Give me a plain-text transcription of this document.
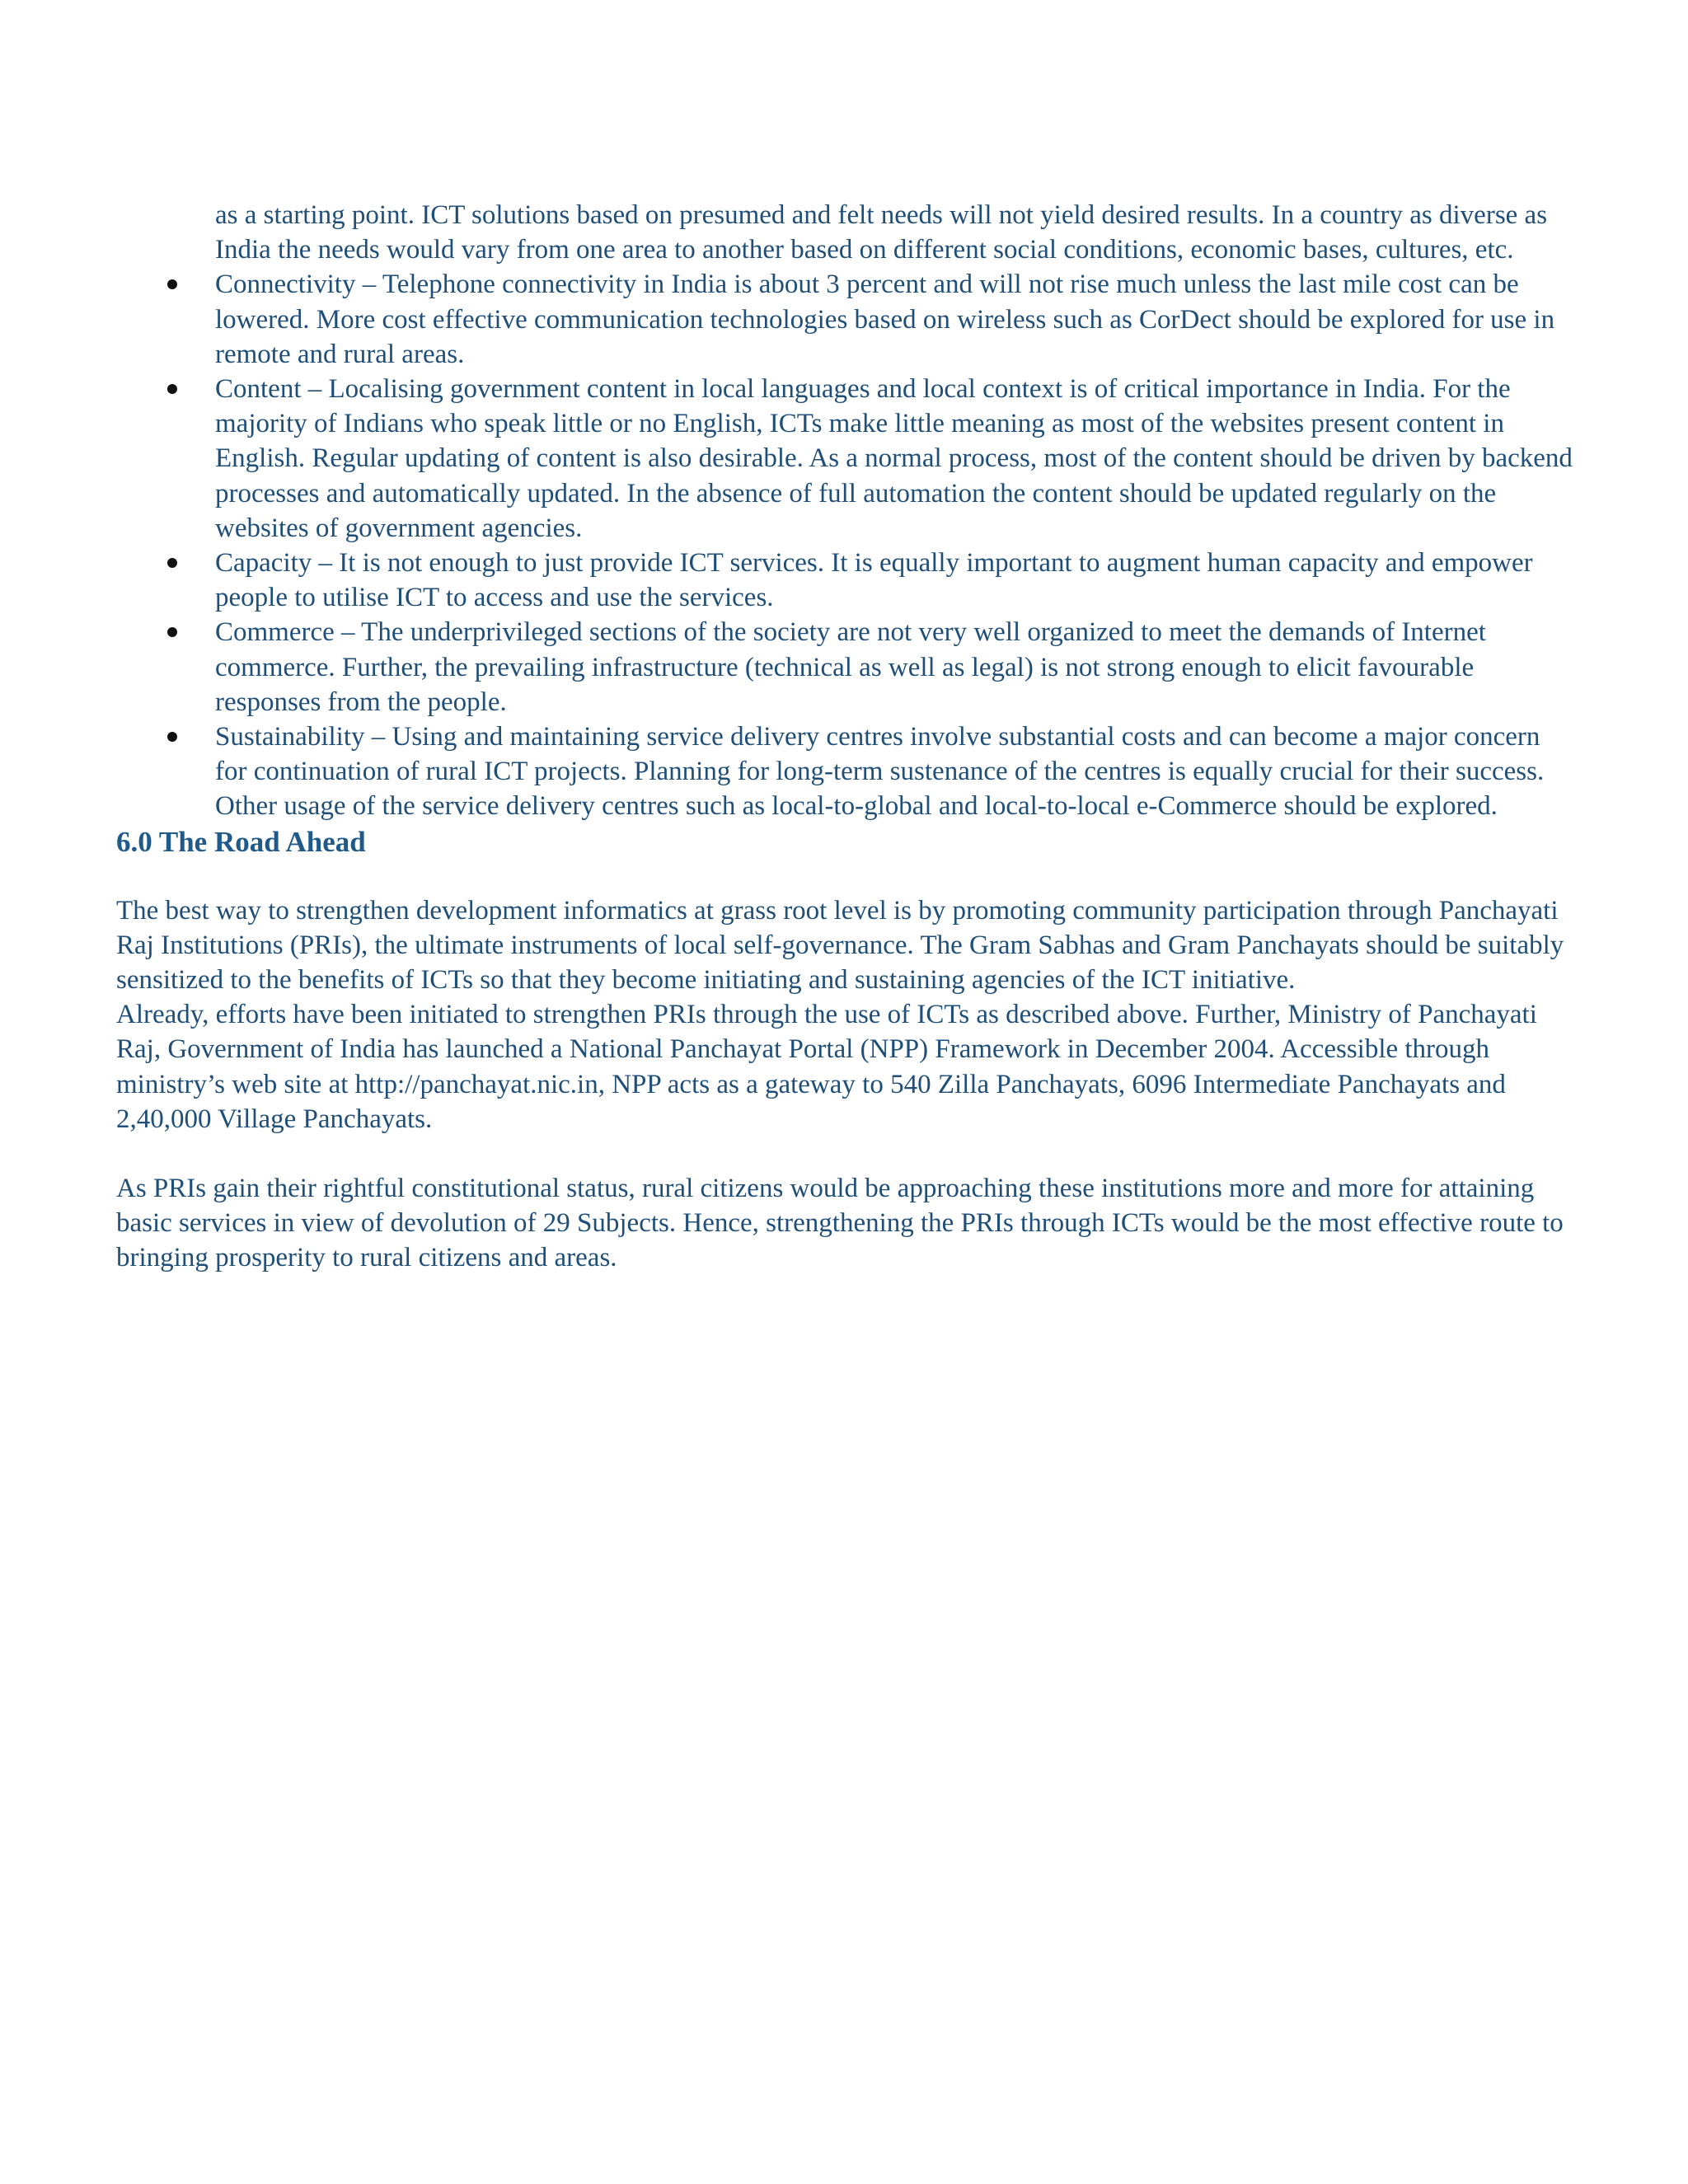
as a starting point. ICT solutions based on presumed and felt needs will not yield desired results. In a country as diverse as India the needs would vary from one area to another based on different social conditions, economic bases, cultures, etc.

Connectivity – Telephone connectivity in India is about 3 percent and will not rise much unless the last mile cost can be lowered. More cost effective communication technologies based on wireless such as CorDect should be explored for use in remote and rural areas.
Content – Localising government content in local languages and local context is of critical importance in India. For the majority of Indians who speak little or no English, ICTs make little meaning as most of the websites present content in English. Regular updating of content is also desirable. As a normal process, most of the content should be driven by backend processes and automatically updated. In the absence of full automation the content should be updated regularly on the websites of government agencies.
Capacity – It is not enough to just provide ICT services. It is equally important to augment human capacity and empower people to utilise ICT to access and use the services.
Commerce – The underprivileged sections of the society are not very well organized to meet the demands of Internet commerce. Further, the prevailing infrastructure (technical as well as legal) is not strong enough to elicit favourable responses from the people.
Sustainability – Using and maintaining service delivery centres involve substantial costs and can become a major concern for continuation of rural ICT projects. Planning for long-term sustenance of the centres is equally crucial for their success. Other usage of the service delivery centres such as local-to-global and local-to-local e-Commerce should be explored.
6.0 The Road Ahead

The best way to strengthen development informatics at grass root level is by promoting community participation through Panchayati Raj Institutions (PRIs), the ultimate instruments of local self-governance. The Gram Sabhas and Gram Panchayats should be suitably sensitized to the benefits of ICTs so that they become initiating and sustaining agencies of the ICT initiative.

Already, efforts have been initiated to strengthen PRIs through the use of ICTs as described above. Further, Ministry of Panchayati Raj, Government of India has launched a National Panchayat Portal (NPP) Framework in December 2004. Accessible through ministry’s web site at http://panchayat.nic.in, NPP acts as a gateway to 540 Zilla Panchayats, 6096 Intermediate Panchayats and 2,40,000 Village Panchayats.

As PRIs gain their rightful constitutional status, rural citizens would be approaching these institutions more and more for attaining basic services in view of devolution of 29 Subjects. Hence, strengthening the PRIs through ICTs would be the most effective route to bringing prosperity to rural citizens and areas.
